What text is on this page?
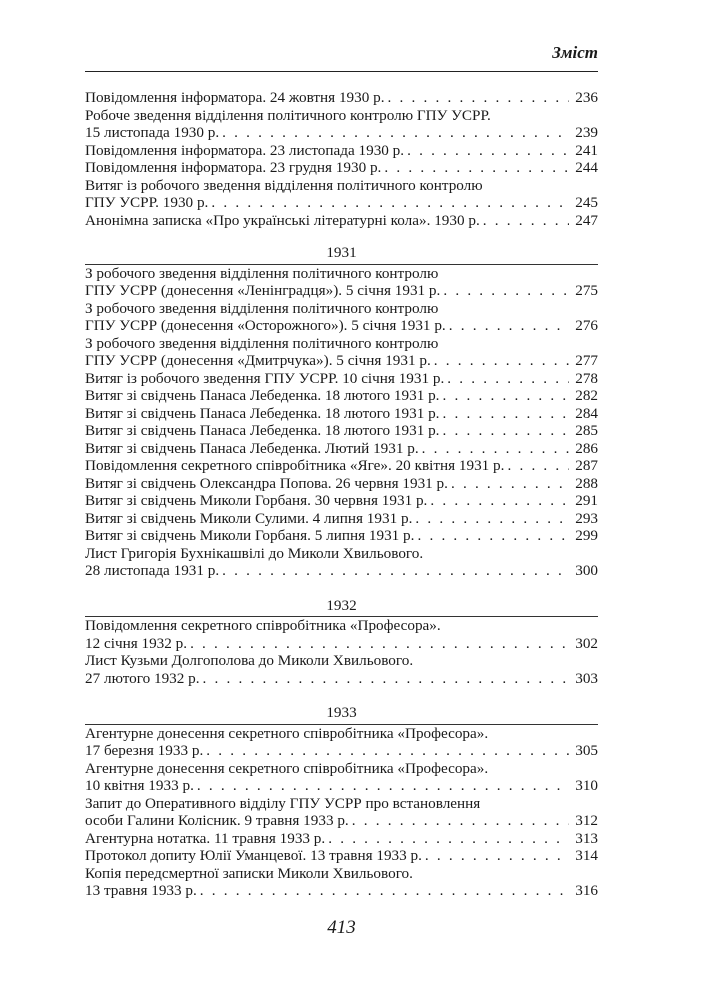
Зміст
Повідомлення інформатора. 24 жовтня 1930 р. . . .	236
Робоче зведення відділення політичного контролю ГПУ УСРР.
15 листопада 1930 р. . . .	239
Повідомлення інформатора. 23 листопада 1930 р. . . .	241
Повідомлення інформатора. 23 грудня 1930 р. . . .	244
Витяг із робочого зведення відділення політичного контролю
ГПУ УСРР. 1930 р. . . .	245
Анонімна записка «Про українські літературні кола». 1930 р. . . .	247
1931
З робочого зведення відділення політичного контролю
ГПУ УСРР (донесення «Ленінградця»). 5 січня 1931 р. . . .	275
З робочого зведення відділення політичного контролю
ГПУ УСРР (донесення «Осторожного»). 5 січня 1931 р. . . .	276
З робочого зведення відділення політичного контролю
ГПУ УСРР (донесення «Дмитрчука»). 5 січня 1931 р. . . .	277
Витяг із робочого зведення ГПУ УСРР. 10 січня 1931 р. . . .	278
Витяг зі свідчень Панаса Лебеденка. 18 лютого 1931 р. . . .	282
Витяг зі свідчень Панаса Лебеденка. 18 лютого 1931 р. . . .	284
Витяг зі свідчень Панаса Лебеденка. 18 лютого 1931 р. . . .	285
Витяг зі свідчень Панаса Лебеденка. Лютий 1931 р. . . .	286
Повідомлення секретного співробітника «Яге». 20 квітня 1931 р. . . .	287
Витяг зі свідчень Олександра Попова. 26 червня 1931 р. . . .	288
Витяг зі свідчень Миколи Горбаня. 30 червня 1931 р. . . .	291
Витяг зі свідчень Миколи Сулими. 4 липня 1931 р. . . .	293
Витяг зі свідчень Миколи Горбаня. 5 липня 1931 р. . . .	299
Лист Григорія Бухнікашвілі до Миколи Хвильового.
28 листопада 1931 р. . . .	300
1932
Повідомлення секретного співробітника «Професора».
12 січня 1932 р. . . .	302
Лист Кузьми Долгополова до Миколи Хвильового.
27 лютого 1932 р. . . .	303
1933
Агентурне донесення секретного співробітника «Професора».
17 березня 1933 р. . . .	305
Агентурне донесення секретного співробітника «Професора».
10 квітня 1933 р. . . .	310
Запит до Оперативного відділу ГПУ УСРР про встановлення
особи Галини Колісник. 9 травня 1933 р. . . .	312
Агентурна нотатка. 11 травня 1933 р. . . .	313
Протокол допиту Юлії Уманцевої. 13 травня 1933 р. . . .	314
Копія передсмертної записки Миколи Хвильового.
13 травня 1933 р. . . .	316
413
